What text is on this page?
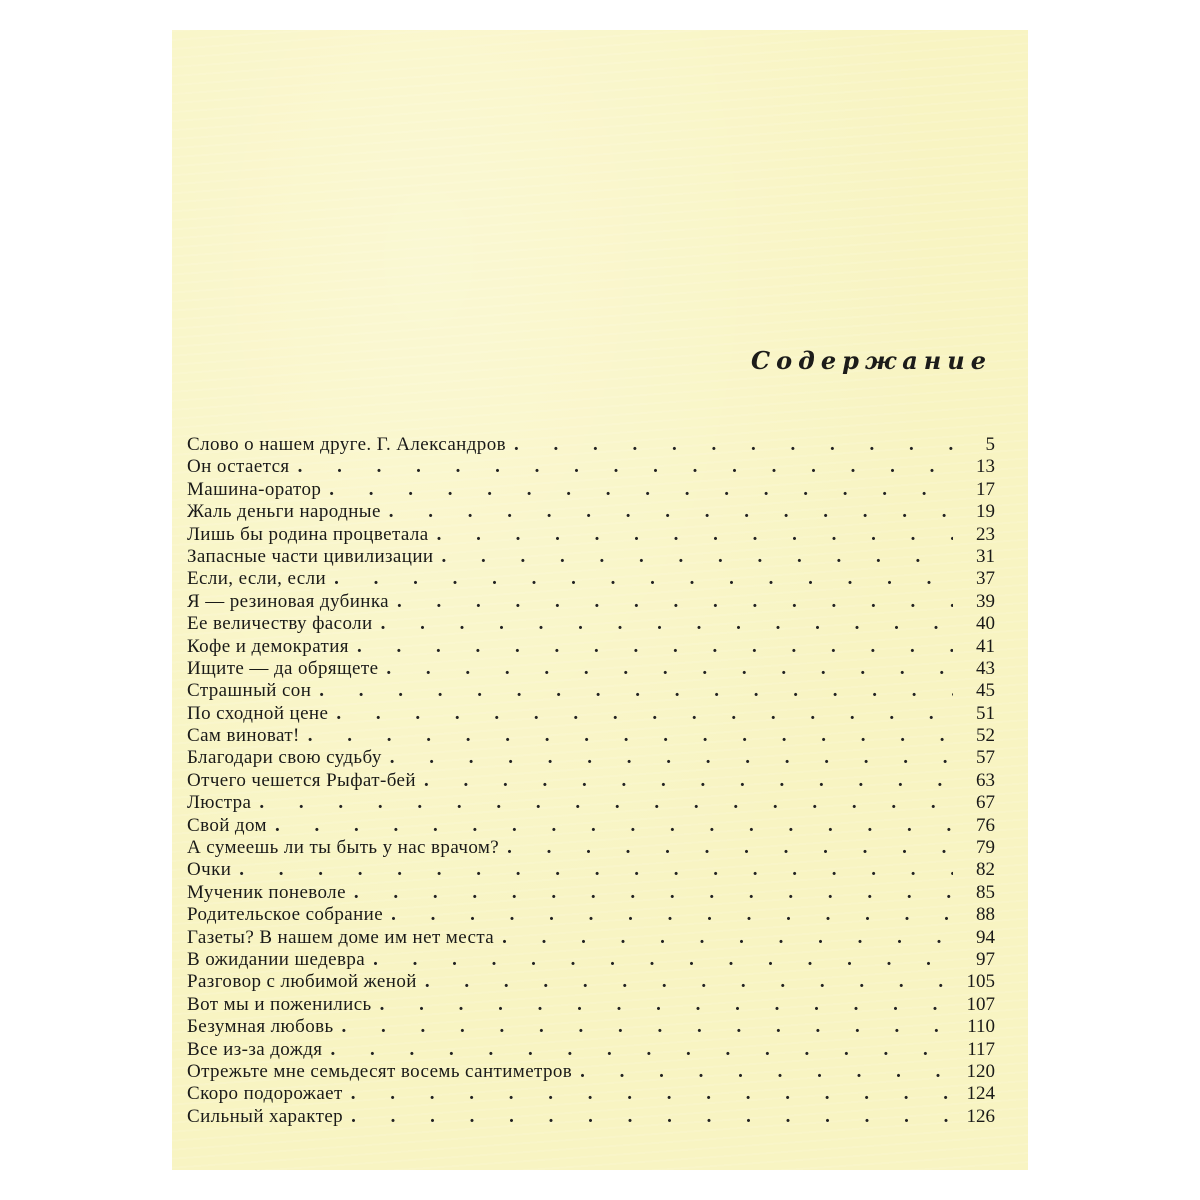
Содержание
Слово о нашем друге. Г. Александров . . .	5
Он остается . . .	13
Машина-оратор . . .	17
Жаль деньги народные . . .	19
Лишь бы родина процветала . . .	23
Запасные части цивилизации . . .	31
Если, если, если . . .	37
Я — резиновая дубинка . . .	39
Ее величеству фасоли . . .	40
Кофе и демократия . . .	41
Ищите — да обрящете . . .	43
Страшный сон . . .	45
По сходной цене . . .	51
Сам виноват! . . .	52
Благодари свою судьбу . . .	57
Отчего чешется Рыфат-бей . . .	63
Люстра . . .	67
Свой дом . . .	76
А сумеешь ли ты быть у нас врачом? . . .	79
Очки . . .	82
Мученик поневоле . . .	85
Родительское собрание . . .	88
Газеты? В нашем доме им нет места . . .	94
В ожидании шедевра . . .	97
Разговор с любимой женой . . .	105
Вот мы и поженились . . .	107
Безумная любовь . . .	110
Все из-за дождя . . .	117
Отрежьте мне семьдесят восемь сантиметров . . .	120
Скоро подорожает . . .	124
Сильный характер . . .	126
